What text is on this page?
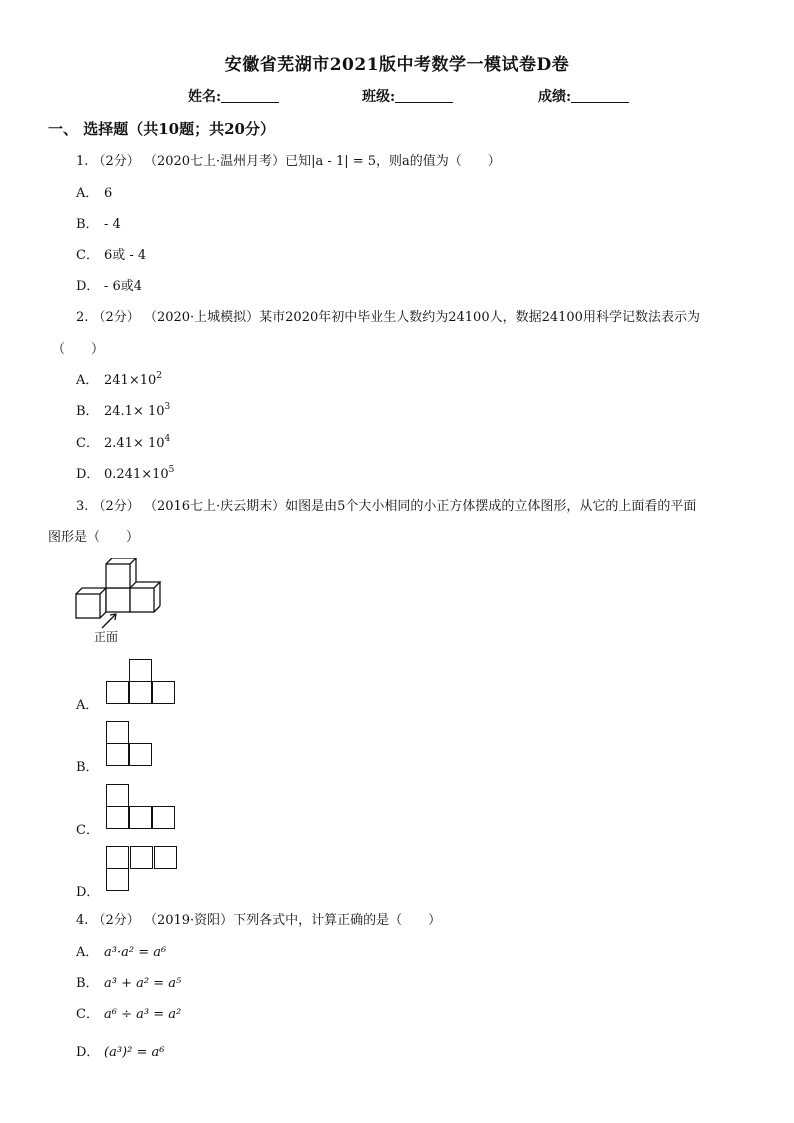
安徽省芜湖市2021版中考数学一模试卷D卷
姓名:	班级:	成绩:
一、 选择题（共10题；共20分）
1. （2分） （2020七上·温州月考）已知|a - 1| = 5，则a的值为（　　）
A． 6
B． - 4
C． 6或 - 4
D． - 6或4
2. （2分） （2020·上城模拟）某市2020年初中毕业生人数约为24100人，数据24100用科学记数法表示为
（　　）
A． $241\times 10^2$
B． $24.1\times 10^3$
C． $2.41\times 10^4$
D． $0.241\times 10^5$
3. （2分） （2016七上·庆云期末）如图是由5个大小相同的小正方体摆成的立体图形，从它的上面看的平面
图形是（　　）
正面
A．
B．
C．
D．
4. （2分） （2019·资阳）下列各式中，计算正确的是（　　）
A． a³·a² = a⁶
B． a³ + a² = a⁵
C． a⁶ ÷ a³ = a²
D． (a³)² = a⁶
